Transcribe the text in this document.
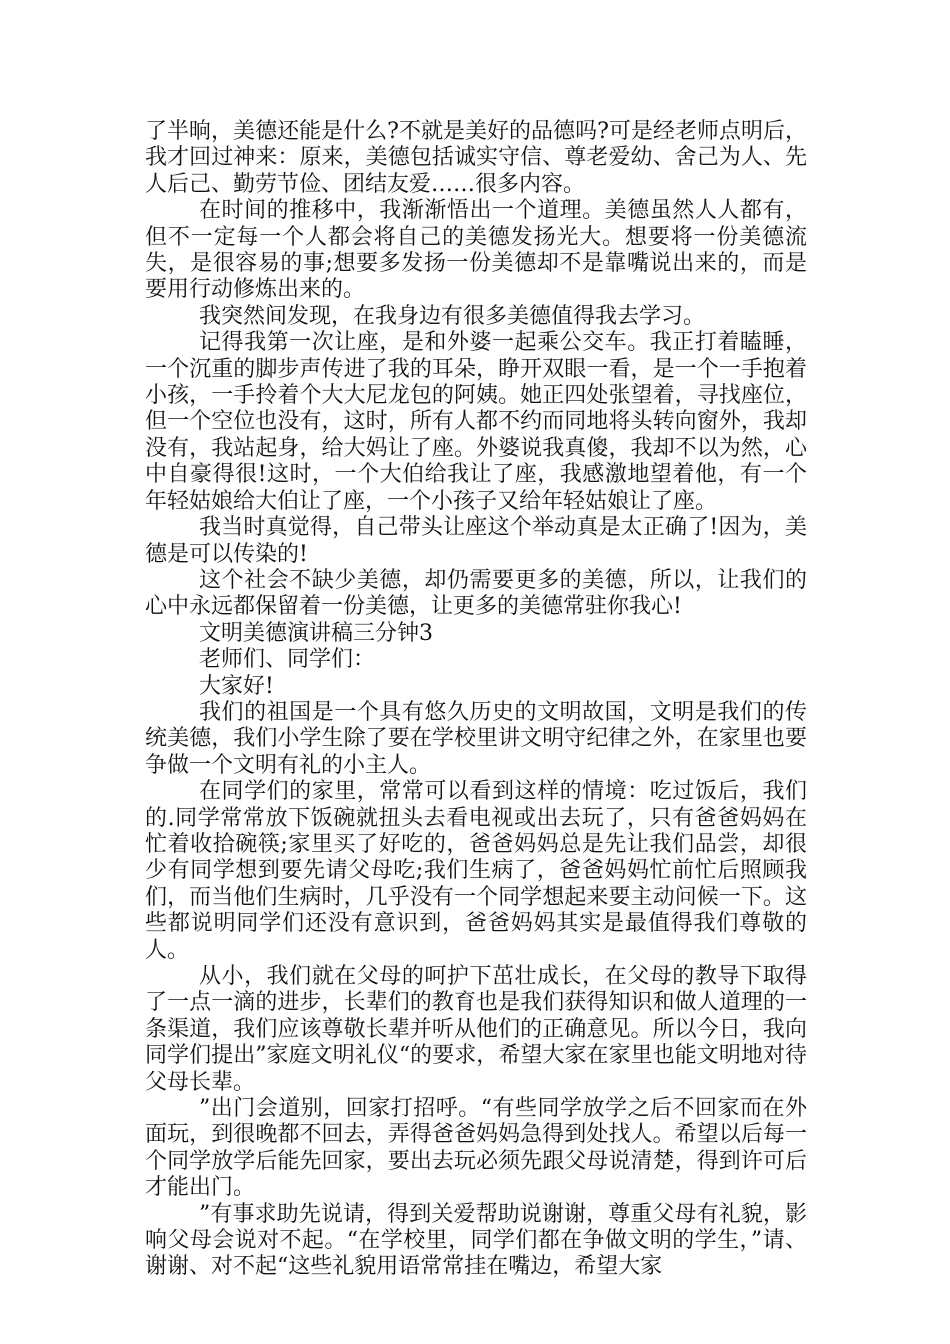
了半晌，美德还能是什么?不就是美好的品德吗?可是经老师点明后，我才回过神来：原来，美德包括诚实守信、尊老爱幼、舍己为人、先人后己、勤劳节俭、团结友爱……很多内容。

在时间的推移中，我渐渐悟出一个道理。美德虽然人人都有，但不一定每一个人都会将自己的美德发扬光大。想要将一份美德流失，是很容易的事;想要多发扬一份美德却不是靠嘴说出来的，而是要用行动修炼出来的。

我突然间发现，在我身边有很多美德值得我去学习。

记得我第一次让座，是和外婆一起乘公交车。我正打着瞌睡，一个沉重的脚步声传进了我的耳朵，睁开双眼一看，是一个一手抱着小孩，一手拎着个大大尼龙包的阿姨。她正四处张望着，寻找座位，但一个空位也没有，这时，所有人都不约而同地将头转向窗外，我却没有，我站起身，给大妈让了座。外婆说我真傻，我却不以为然，心中自豪得很!这时，一个大伯给我让了座，我感激地望着他，有一个年轻姑娘给大伯让了座，一个小孩子又给年轻姑娘让了座。

我当时真觉得，自己带头让座这个举动真是太正确了!因为，美德是可以传染的!

这个社会不缺少美德，却仍需要更多的美德，所以，让我们的心中永远都保留着一份美德，让更多的美德常驻你我心!

文明美德演讲稿三分钟3

老师们、同学们：

大家好!

我们的祖国是一个具有悠久历史的文明故国，文明是我们的传统美德，我们小学生除了要在学校里讲文明守纪律之外，在家里也要争做一个文明有礼的小主人。

在同学们的家里，常常可以看到这样的情境：吃过饭后，我们的.同学常常放下饭碗就扭头去看电视或出去玩了，只有爸爸妈妈在忙着收拾碗筷;家里买了好吃的，爸爸妈妈总是先让我们品尝，却很少有同学想到要先请父母吃;我们生病了，爸爸妈妈忙前忙后照顾我们，而当他们生病时，几乎没有一个同学想起来要主动问候一下。这些都说明同学们还没有意识到，爸爸妈妈其实是最值得我们尊敬的人。

从小，我们就在父母的呵护下茁壮成长，在父母的教导下取得了一点一滴的进步，长辈们的教育也是我们获得知识和做人道理的一条渠道，我们应该尊敬长辈并听从他们的正确意见。所以今日，我向同学们提出”家庭文明礼仪“的要求，希望大家在家里也能文明地对待父母长辈。

”出门会道别，回家打招呼。“有些同学放学之后不回家而在外面玩，到很晚都不回去，弄得爸爸妈妈急得到处找人。希望以后每一个同学放学后能先回家，要出去玩必须先跟父母说清楚，得到许可后才能出门。

”有事求助先说请，得到关爱帮助说谢谢，尊重父母有礼貌，影响父母会说对不起。“在学校里，同学们都在争做文明的学生，”请、谢谢、对不起“这些礼貌用语常常挂在嘴边，希望大家
